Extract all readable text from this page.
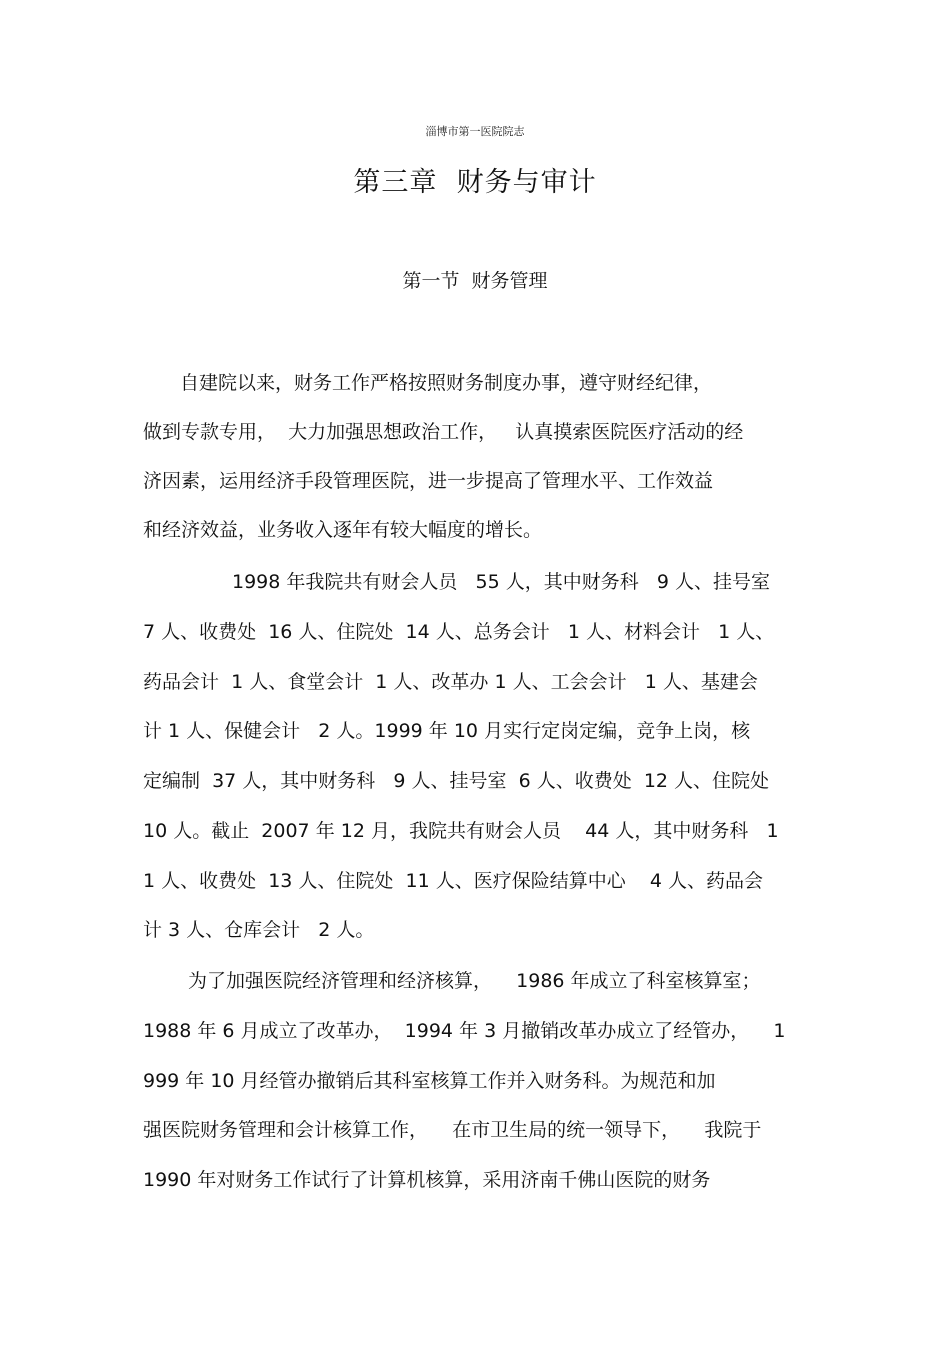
淄博市第一医院院志
第三章  财务与审计
第一节  财务管理
自建院以来，财务工作严格按照财务制度办事，遵守财经纪律，
做到专款专用，  大力加强思想政治工作，   认真摸索医院医疗活动的经
济因素，运用经济手段管理医院，进一步提高了管理水平、工作效益
和经济效益，业务收入逐年有较大幅度的增长。
1998 年我院共有财会人员   55 人，其中财务科   9 人、挂号室
7 人、收费处  16 人、住院处  14 人、总务会计   1 人、材料会计   1 人、
药品会计  1 人、食堂会计  1 人、改革办 1 人、工会会计   1 人、基建会
计 1 人、保健会计   2 人。1999 年 10 月实行定岗定编，竞争上岗，核
定编制  37 人，其中财务科   9 人、挂号室  6 人、收费处  12 人、住院处
10 人。截止  2007 年 12 月，我院共有财会人员    44 人，其中财务科   1
1 人、收费处  13 人、住院处  11 人、医疗保险结算中心    4 人、药品会
计 3 人、仓库会计   2 人。
为了加强医院经济管理和经济核算，    1986 年成立了科室核算室；
1988 年 6 月成立了改革办，  1994 年 3 月撤销改革办成立了经管办，    1
999 年 10 月经管办撤销后其科室核算工作并入财务科。为规范和加
强医院财务管理和会计核算工作，    在市卫生局的统一领导下，    我院于
1990 年对财务工作试行了计算机核算，采用济南千佛山医院的财务
